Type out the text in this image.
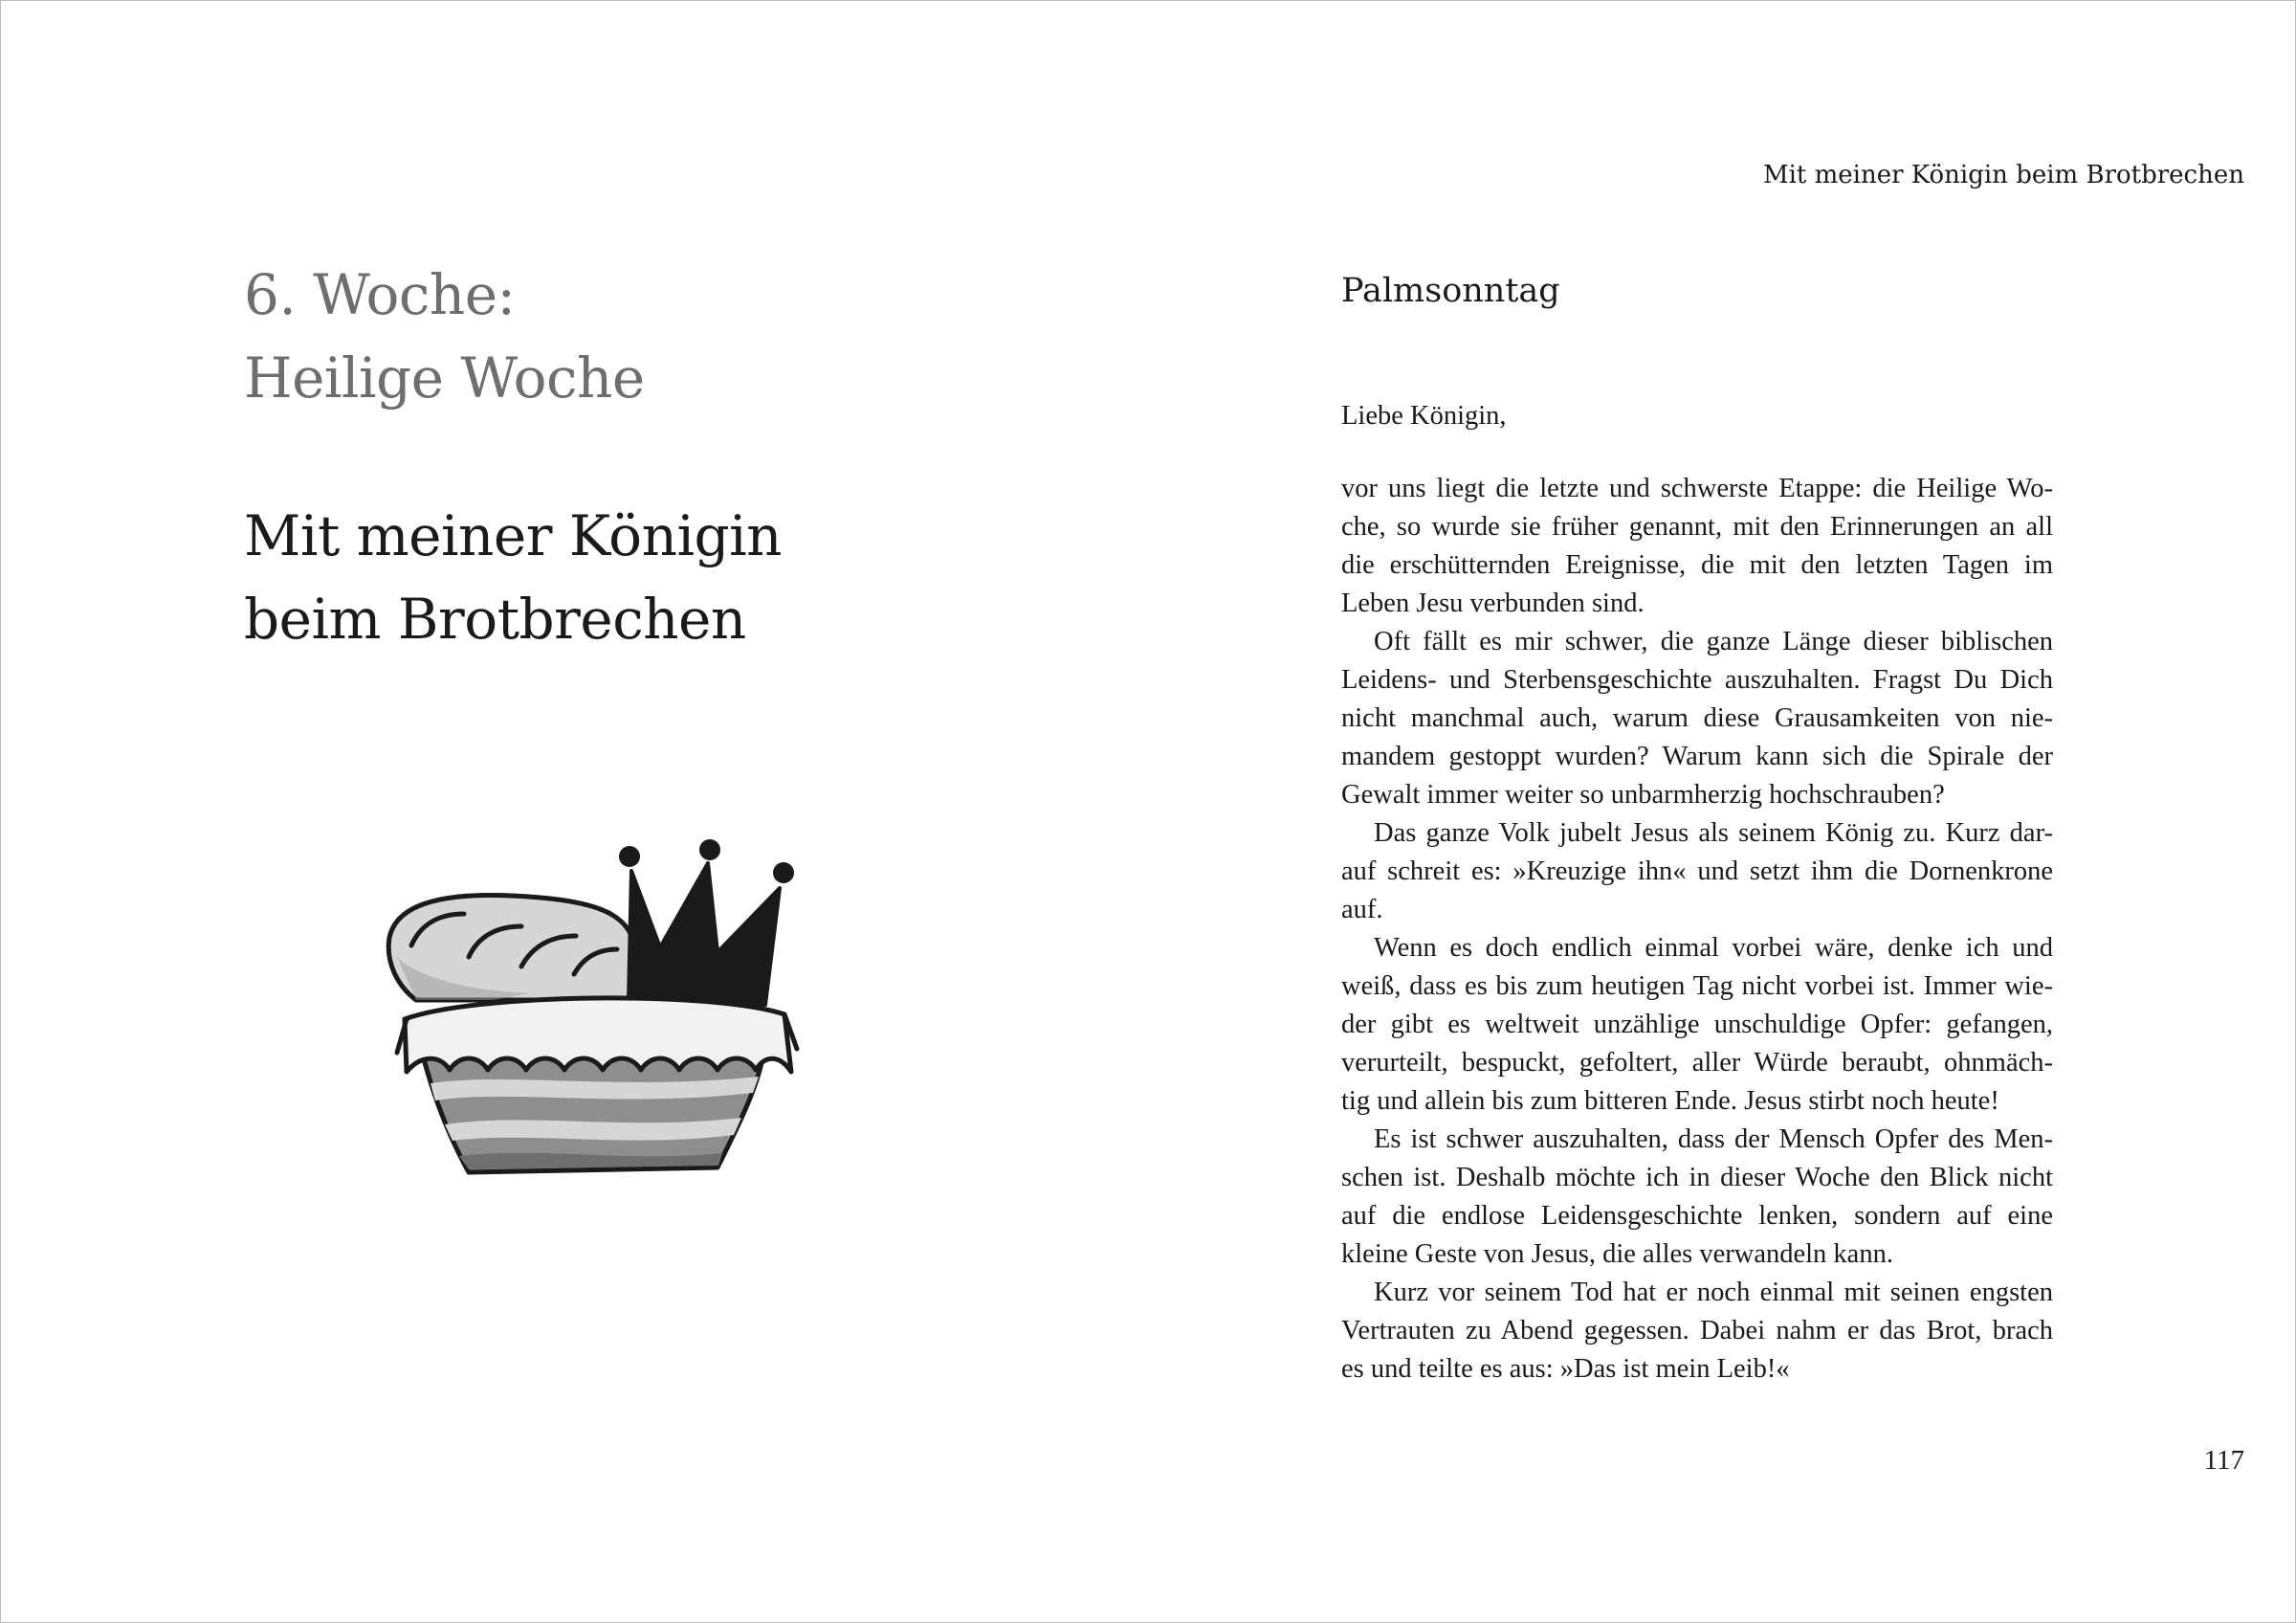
6. Woche:
Heilige Woche
Mit meiner Königin
beim Brotbrechen
Mit meiner Königin beim Brotbrechen
Palmsonntag
Liebe Königin,
vor uns liegt die letzte und schwerste Etappe: die Heilige Wo-
che, so wurde sie früher genannt, mit den Erinnerungen an all
die erschütternden Ereignisse, die mit den letzten Tagen im
Leben Jesu verbunden sind.
Oft fällt es mir schwer, die ganze Länge dieser biblischen
Leidens- und Sterbensgeschichte auszuhalten. Fragst Du Dich
nicht manchmal auch, warum diese Grausamkeiten von nie-
mandem gestoppt wurden? Warum kann sich die Spirale der
Gewalt immer weiter so unbarmherzig hochschrauben?
Das ganze Volk jubelt Jesus als seinem König zu. Kurz dar-
auf schreit es: »Kreuzige ihn« und setzt ihm die Dornenkrone
auf.
Wenn es doch endlich einmal vorbei wäre, denke ich und
weiß, dass es bis zum heutigen Tag nicht vorbei ist. Immer wie-
der gibt es weltweit unzählige unschuldige Opfer: gefangen,
verurteilt, bespuckt, gefoltert, aller Würde beraubt, ohnmäch-
tig und allein bis zum bitteren Ende. Jesus stirbt noch heute!
Es ist schwer auszuhalten, dass der Mensch Opfer des Men-
schen ist. Deshalb möchte ich in dieser Woche den Blick nicht
auf die endlose Leidensgeschichte lenken, sondern auf eine
kleine Geste von Jesus, die alles verwandeln kann.
Kurz vor seinem Tod hat er noch einmal mit seinen engsten
Vertrauten zu Abend gegessen. Dabei nahm er das Brot, brach
es und teilte es aus: »Das ist mein Leib!«
117
